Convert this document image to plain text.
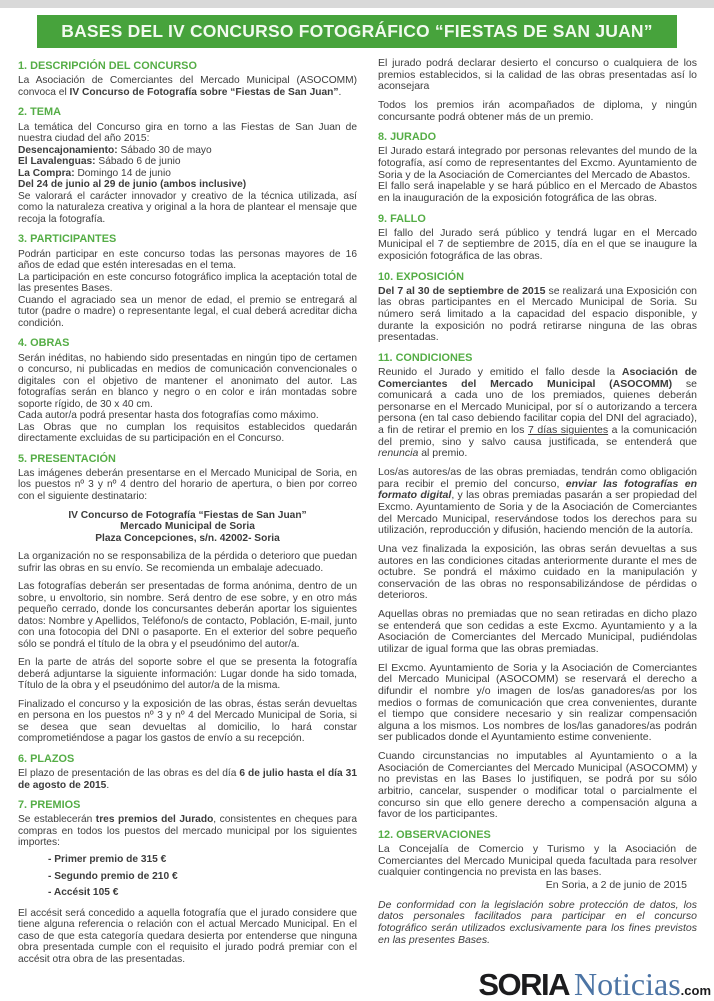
BASES DEL IV CONCURSO FOTOGRÁFICO “FIESTAS DE SAN JUAN”
1. DESCRIPCIÓN DEL CONCURSO
La Asociación de Comerciantes del Mercado Municipal (ASOCOMM) convoca el IV Concurso de Fotografía sobre “Fiestas de San Juan”.
2. TEMA
La temática del Concurso gira en torno a las Fiestas de San Juan de nuestra ciudad del año 2015:
Desencajonamiento: Sábado 30 de mayo
El Lavalenguas: Sábado 6 de junio
La Compra: Domingo 14 de junio
Del 24 de junio al 29 de junio (ambos inclusive)
Se valorará el carácter innovador y creativo de la técnica utilizada, así como la naturaleza creativa y original a la hora de plantear el mensaje que recoja la fotografía.
3. PARTICIPANTES
Podrán participar en este concurso todas las personas mayores de 16 años de edad que estén interesadas en el tema.
La participación en este concurso fotográfico implica la aceptación total de las presentes Bases.
Cuando el agraciado sea un menor de edad, el premio se entregará al tutor (padre o madre) o representante legal, el cual deberá acreditar dicha condición.
4. OBRAS
Serán inéditas, no habiendo sido presentadas en ningún tipo de certamen o concurso, ni publicadas en medios de comunicación convencionales o digitales con el objetivo de mantener el anonimato del autor. Las fotografías serán en blanco y negro o en color e irán montadas sobre soporte rígido, de 30 x 40 cm.
Cada autor/a podrá presentar hasta dos fotografías como máximo.
Las Obras que no cumplan los requisitos establecidos quedarán directamente excluidas de su participación en el Concurso.
5. PRESENTACIÓN
Las imágenes deberán presentarse en el Mercado Municipal de Soria, en los puestos nº 3 y nº 4 dentro del horario de apertura, o bien por correo con el siguiente destinatario:
IV Concurso de Fotografía “Fiestas de San Juan”
Mercado Municipal de Soria
Plaza Concepciones, s/n. 42002- Soria
La organización no se responsabiliza de la pérdida o deterioro que puedan sufrir las obras en su envío. Se recomienda un embalaje adecuado.
Las fotografías deberán ser presentadas de forma anónima, dentro de un sobre, u envoltorio, sin nombre. Será dentro de ese sobre, y en otro más pequeño cerrado, donde los concursantes deberán aportar los siguientes datos: Nombre y Apellidos, Teléfono/s de contacto, Población, E-mail, junto con una fotocopia del DNI o pasaporte. En el exterior del sobre pequeño sólo se pondrá el título de la obra y el pseudónimo del autor/a.
En la parte de atrás del soporte sobre el que se presenta la fotografía deberá adjuntarse la siguiente información: Lugar donde ha sido tomada, Título de la obra y el pseudónimo del autor/a de la misma.
Finalizado el concurso y la exposición de las obras, éstas serán devueltas en persona en los puestos nº 3 y nº 4 del Mercado Municipal de Soria, si se desea que sean devueltas al domicilio, lo hará constar comprometiéndose a pagar los gastos de envío a su recepción.
6. PLAZOS
El plazo de presentación de las obras es del día 6 de julio hasta el día 31 de agosto de 2015.
7. PREMIOS
Se establecerán tres premios del Jurado, consistentes en cheques para compras en todos los puestos del mercado municipal por los siguientes importes:
- Primer premio de 315 €
- Segundo premio de 210 €
- Accésit 105 €
El accésit será concedido a aquella fotografía que el jurado considere que tiene alguna referencia o relación con el actual Mercado Municipal. En el caso de que esta categoría quedara desierta por entenderse que ninguna obra presentada cumple con el requisito el jurado podrá premiar con el accésit otra obra de las presentadas.
El jurado podrá declarar desierto el concurso o cualquiera de los premios establecidos, si la calidad de las obras presentadas así lo aconsejara
Todos los premios irán acompañados de diploma, y ningún concursante podrá obtener más de un premio.
8. JURADO
El Jurado estará integrado por personas relevantes del mundo de la fotografía, así como de representantes del Excmo. Ayuntamiento de Soria y de la Asociación de Comerciantes del Mercado de Abastos.
El fallo será inapelable y se hará público en el Mercado de Abastos en la inauguración de la exposición fotográfica de las obras.
9. FALLO
El fallo del Jurado será público y tendrá lugar en el Mercado Municipal el 7 de septiembre de 2015, día en el que se inaugure la exposición fotográfica de las obras.
10. EXPOSICIÓN
Del 7 al 30 de septiembre de 2015 se realizará una Exposición con las obras participantes en el Mercado Municipal de Soria. Su número será limitado a la capacidad del espacio disponible, y durante la exposición no podrá retirarse ninguna de las obras presentadas.
11. CONDICIONES
Reunido el Jurado y emitido el fallo desde la Asociación de Comerciantes del Mercado Municipal (ASOCOMM) se comunicará a cada uno de los premiados, quienes deberán personarse en el Mercado Municipal, por sí o autorizando a tercera persona (en tal caso debiendo facilitar copia del DNI del agraciado), a fin de retirar el premio en los 7 días siguientes a la comunicación del premio, sino y salvo causa justificada, se entenderá que renuncia al premio.
Los/as autores/as de las obras premiadas, tendrán como obligación para recibir el premio del concurso, enviar las fotografías en formato digital, y las obras premiadas pasarán a ser propiedad del Excmo. Ayuntamiento de Soria y de la Asociación de Comerciantes del Mercado Municipal, reservándose todos los derechos para su utilización, reproducción y difusión, haciendo mención de la autoría.
Una vez finalizada la exposición, las obras serán devueltas a sus autores en las condiciones citadas anteriormente durante el mes de octubre. Se pondrá el máximo cuidado en la manipulación y conservación de las obras no responsabilizándose de pérdidas o deterioros.
Aquellas obras no premiadas que no sean retiradas en dicho plazo se entenderá que son cedidas a este Excmo. Ayuntamiento y a la Asociación de Comerciantes del Mercado Municipal, pudiéndolas utilizar de igual forma que las obras premiadas.
El Excmo. Ayuntamiento de Soria y la Asociación de Comerciantes del Mercado Municipal (ASOCOMM) se reservará el derecho a difundir el nombre y/o imagen de los/as ganadores/as por los medios o formas de comunicación que crea convenientes, durante el tiempo que considere necesario y sin realizar compensación alguna a los mismos. Los nombres de los/las ganadores/as podrán ser publicados donde el Ayuntamiento estime conveniente.
Cuando circunstancias no imputables al Ayuntamiento o a la Asociación de Comerciantes del Mercado Municipal (ASOCOMM) y no previstas en las Bases lo justifiquen, se podrá por su sólo arbitrio, cancelar, suspender o modificar total o parcialmente el concurso sin que ello genere derecho a compensación alguna a favor de los participantes.
12. OBSERVACIONES
La Concejalía de Comercio y Turismo y la Asociación de Comerciantes del Mercado Municipal queda facultada para resolver cualquier contingencia no prevista en las bases.
En Soria, a 2 de junio de 2015
De conformidad con la legislación sobre protección de datos, los datos personales facilitados para participar en el concurso fotográfico serán utilizados exclusivamente para los fines previstos en las presentes Bases.
SORIA Noticias.com
